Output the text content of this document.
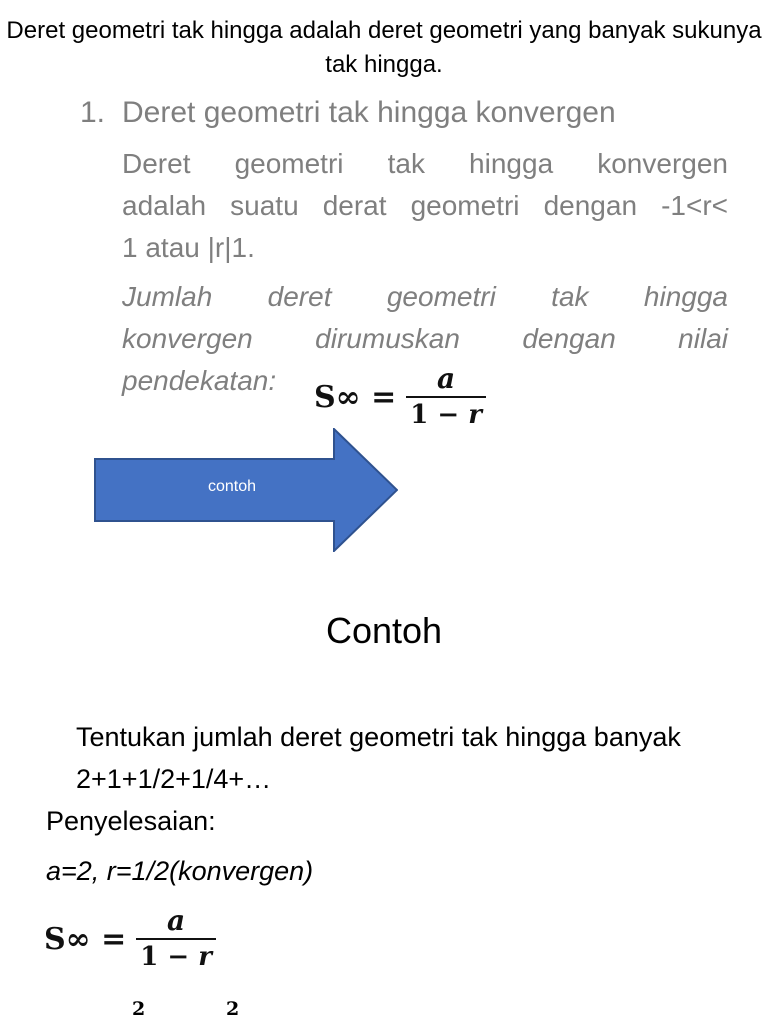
Deret geometri tak hingga adalah deret geometri yang banyak sukunya tak hingga.
1. Deret geometri tak hingga konvergen
Deret geometri tak hingga konvergen
adalah suatu derat geometri dengan -1<r<
1 atau |r|1.
Jumlah deret geometri tak hingga
konvergen dirumuskan dengan nilai
pendekatan:	$S\infty = \frac{a}{1 - r}$
contoh
Contoh
Tentukan jumlah deret geometri tak hingga banyak 2+1+1/2+1/4+…
Penyelesaian:
a=2, r=1/2(konvergen)
$S\infty = \frac{a}{1 - r}$
2	2
